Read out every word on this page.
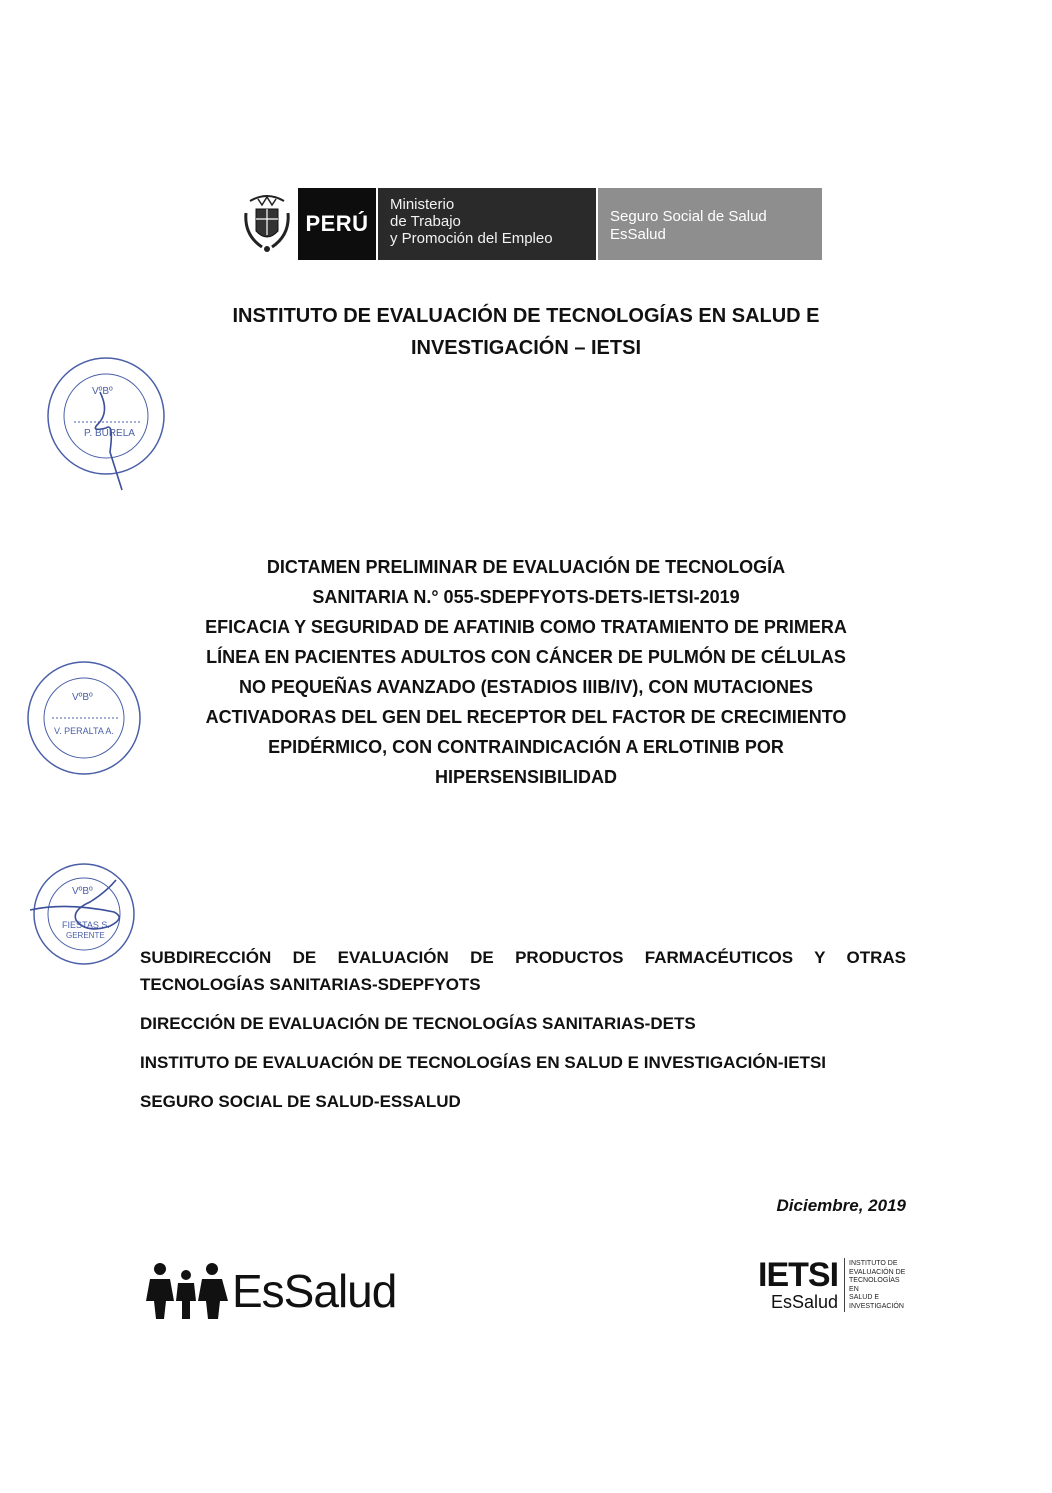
PERÚ
Ministerio
de Trabajo
y Promoción del Empleo
Seguro Social de Salud
EsSalud
INSTITUTO DE EVALUACIÓN DE TECNOLOGÍAS EN SALUD E
INVESTIGACIÓN – IETSI
VºBº
P. BURELA
DICTAMEN PRELIMINAR DE EVALUACIÓN DE TECNOLOGÍA
SANITARIA N.° 055-SDEPFYOTS-DETS-IETSI-2019
EFICACIA Y SEGURIDAD DE AFATINIB COMO TRATAMIENTO DE PRIMERA
LÍNEA EN PACIENTES ADULTOS CON CÁNCER DE PULMÓN DE CÉLULAS
NO PEQUEÑAS AVANZADO (ESTADIOS IIIB/IV), CON MUTACIONES
ACTIVADORAS DEL GEN DEL RECEPTOR DEL FACTOR DE CRECIMIENTO
EPIDÉRMICO, CON CONTRAINDICACIÓN A ERLOTINIB POR
HIPERSENSIBILIDAD
VºBº
V. PERALTA A.
VºBº
FIESTAS S.
GERENTE

SUBDIRECCIÓN DE EVALUACIÓN DE PRODUCTOS FARMACÉUTICOS Y OTRAS TECNOLOGÍAS SANITARIAS-SDEPFYOTS

DIRECCIÓN DE EVALUACIÓN DE TECNOLOGÍAS SANITARIAS-DETS

INSTITUTO DE EVALUACIÓN DE TECNOLOGÍAS EN SALUD E INVESTIGACIÓN-IETSI

SEGURO SOCIAL DE SALUD-ESSALUD

Diciembre, 2019
EsSalud	IETSI
EsSalud
INSTITUTO DE
EVALUACIÓN DE
TECNOLOGÍAS EN
SALUD E
INVESTIGACIÓN
